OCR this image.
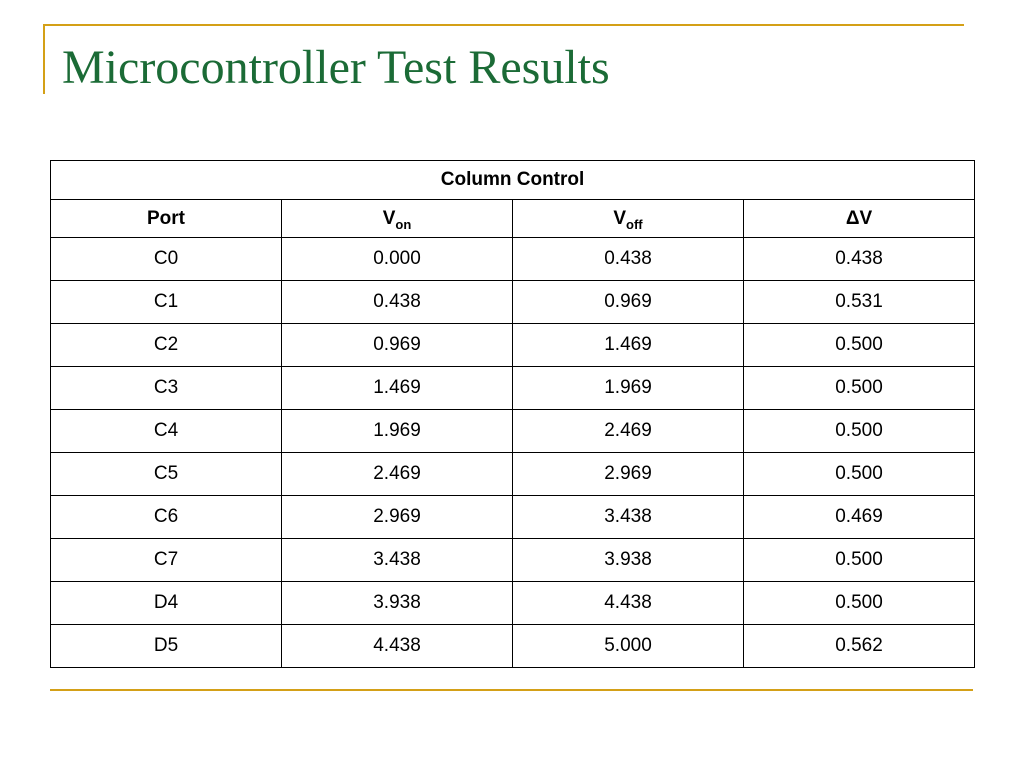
Microcontroller Test Results
Column Control			
Port	$V_{on}$	$V_{off}$	ΔV
C0	0.000	0.438	0.438
C1	0.438	0.969	0.531
C2	0.969	1.469	0.500
C3	1.469	1.969	0.500
C4	1.969	2.469	0.500
C5	2.469	2.969	0.500
C6	2.969	3.438	0.469
C7	3.438	3.938	0.500
D4	3.938	4.438	0.500
D5	4.438	5.000	0.562
